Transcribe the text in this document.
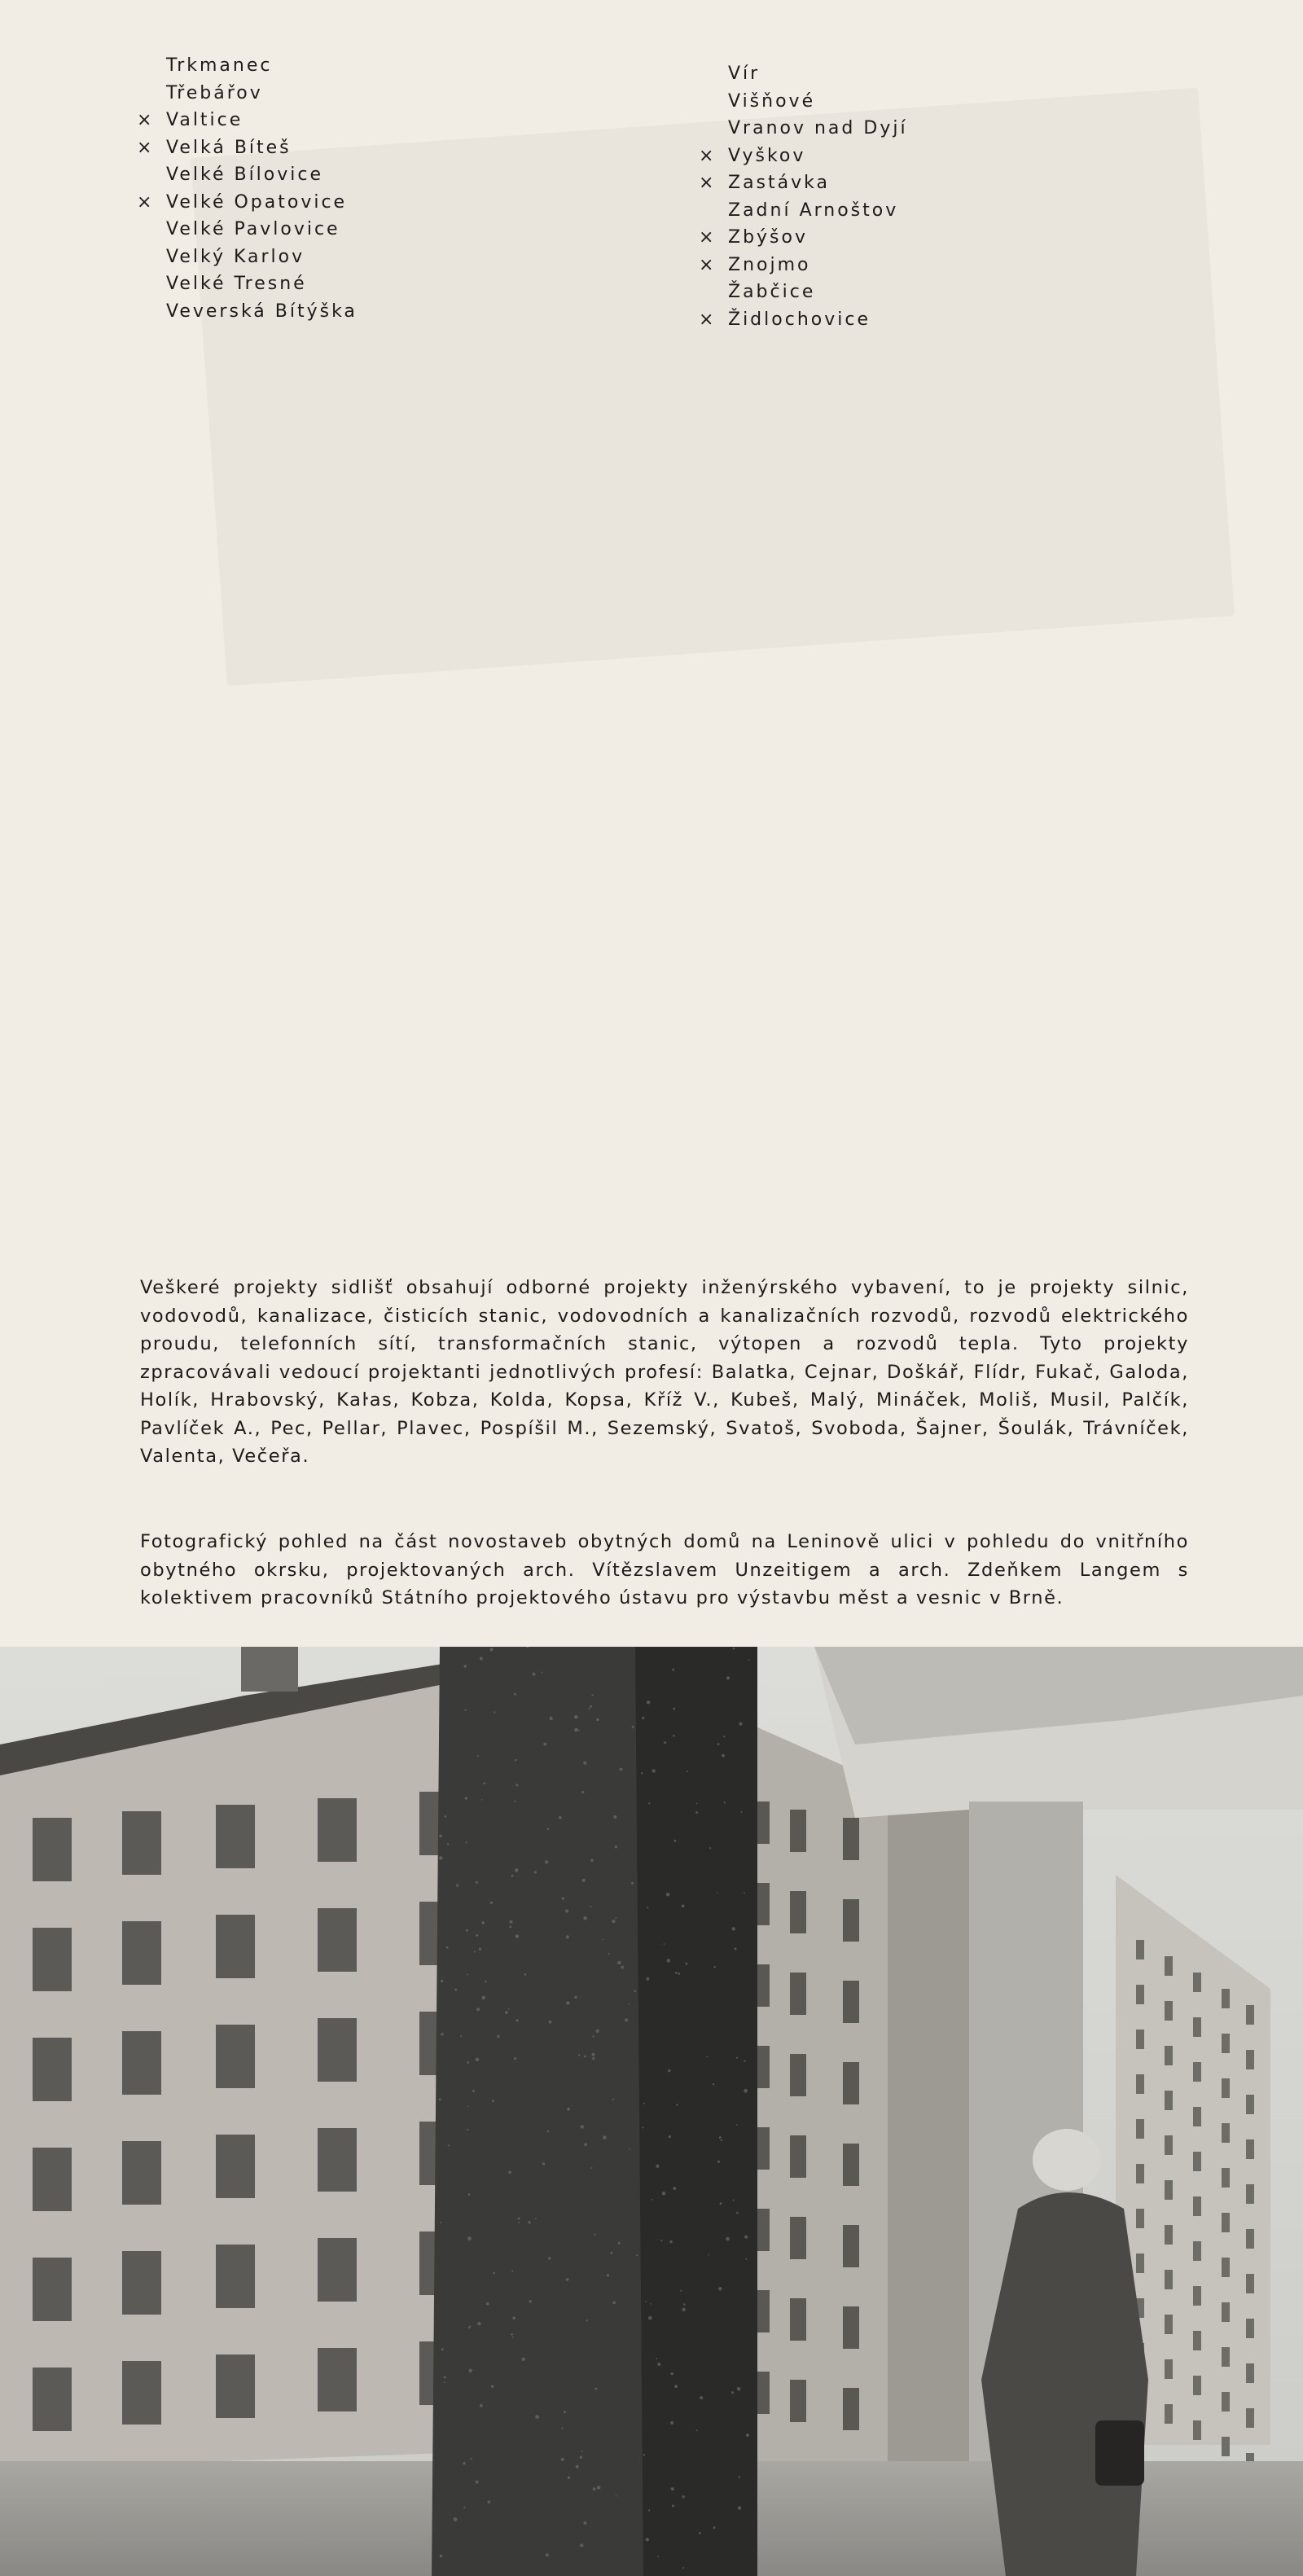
Trkmanec
Třebářov
× Valtice
× Velká Bíteš
Velké Bílovice
× Velké Opatovice
Velké Pavlovice
Velký Karlov
Velké Tresné
Veverská Bítýška
Vír
Višňové
Vranov nad Dyjí
× Vyškov
× Zastávka
Zadní Arnoštov
× Zbýšov
× Znojmo
Žabčice
× Židlochovice

Veškeré projekty sidlišť obsahují odborné projekty inženýrského vybavení, to je projekty silnic, vodovodů, kanalizace, čisticích stanic, vodovodních a kanalizačních rozvodů, rozvodů elektrického proudu, telefonních sítí, transformačních stanic, výtopen a rozvodů tepla. Tyto projekty zpracovávali vedoucí projektanti jednotlivých profesí: Balatka, Cejnar, Doškář, Flídr, Fukač, Galoda, Holík, Hrabovský, Kaŀas, Kobza, Kolda, Kopsa, Kříž V., Kubeš, Malý, Mináček, Moliš, Musil, Palčík, Pavlíček A., Pec, Pellar, Plavec, Pospíšil M., Sezemský, Svatoš, Svoboda, Šajner, Šoulák, Trávníček, Valenta, Večeřa.

Fotografický pohled na část novostaveb obytných domů na Leninově ulici v pohledu do vnitřního obytného okrsku, projektovaných arch. Vítězslavem Unzeitigem a arch. Zdeňkem Langem s kolektivem pracovníků Státního projektového ústavu pro výstavbu měst a vesnic v Brně.
